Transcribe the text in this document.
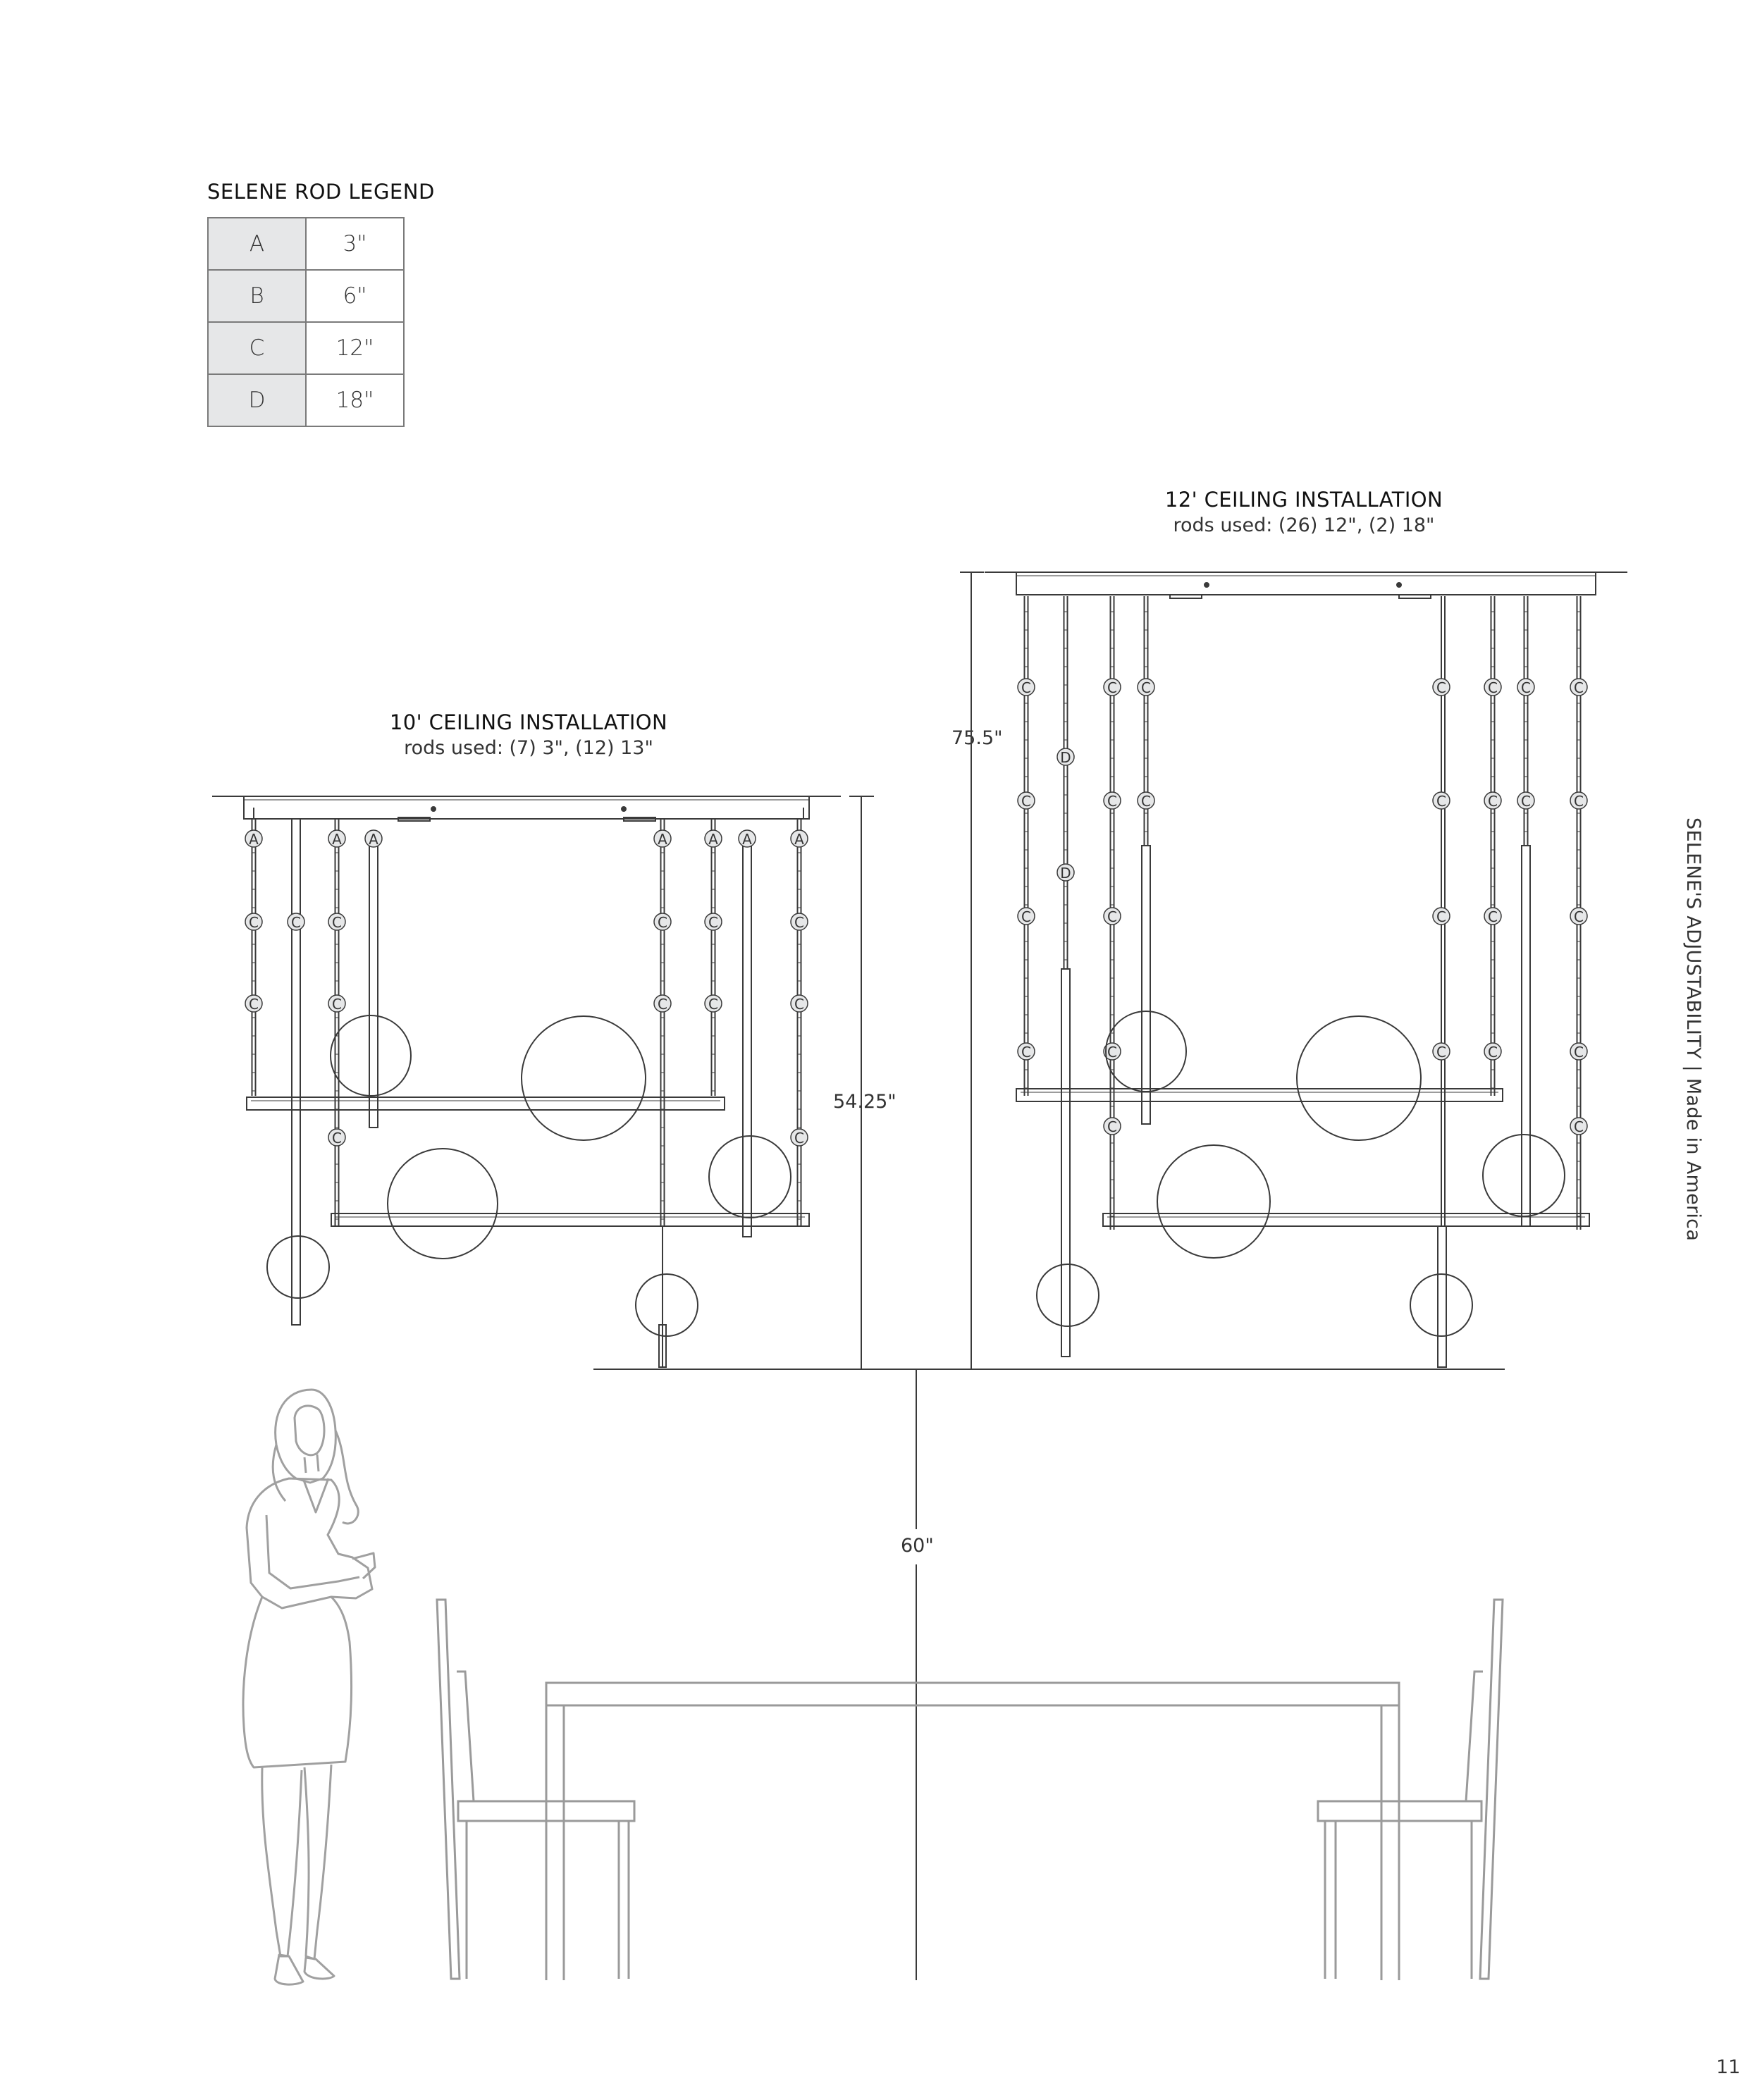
SELENE ROD LEGEND
A	3"
B	6"
C	12"
D	18"
10' CEILING INSTALLATION
rods used: (7) 3", (12) 13"
12' CEILING INSTALLATION
rods used: (26) 12", (2) 18"
54.25"
75.5"
60"
SELENE'S ADJUSTABILITY | Made in America
11
A
C
C
C
A
C
C
C
A	A
C
C
A
C
C
A	A
C
C
C
C
C
C
C
D
D
C
C
C
C
C
C
C
C
C
C
C
C
C
C
C
C
C
C
C
C
C
C
